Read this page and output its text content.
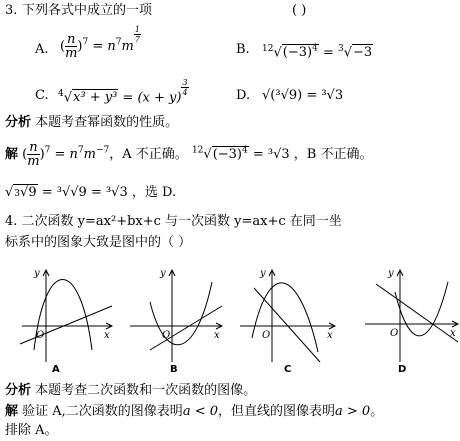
3. 下列各式中成立的一项	( )
A. ( $\frac{n}{m} )^7 = n^7m$
$\frac{1}{7}$
B. $^{12}√(-3)^4 = ^3√-3$
C. $^4$√x³ + y³ = (x + y)
$\frac{3}{4}$	D. √(³√9) = ³√3
分析 本题考查幂函数的性质。
解 ( $\frac{n}{m} )^7 = n^7m^{-7}$，A 不正确。 $^{12}√(-3)^4 = ^3√3$ ，B 不正确。
√3√9 = ³√√9 = ³√3 ，选 D.
4. 二次函数 y=ax²+bx+c 与一次函数 y=ax+c 在同一坐
标系中的图象大致是图中的（ ）
y
x
O
y
x
O
y
x
O
y
x
O
A	B	C	D
分析 本题考查二次函数和一次函数的图像。
解 验证 A,二次函数的图像表明a < 0，但直线的图像表明a > 0。
排除 A。
